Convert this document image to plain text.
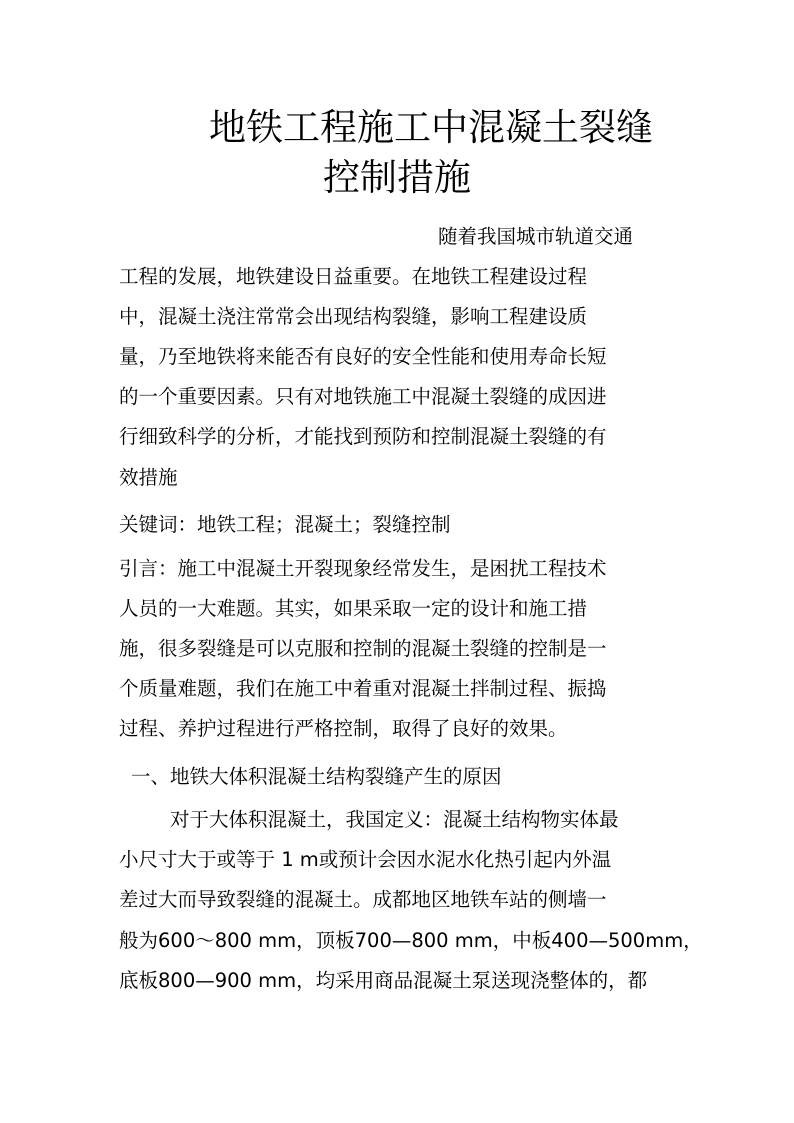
地铁工程施工中混凝土裂缝
控制措施
随着我国城市轨道交通
工程的发展，地铁建设日益重要。在地铁工程建设过程
中，混凝土浇注常常会出现结构裂缝，影响工程建设质
量，乃至地铁将来能否有良好的安全性能和使用寿命长短
的一个重要因素。只有对地铁施工中混凝土裂缝的成因进
行细致科学的分析，才能找到预防和控制混凝土裂缝的有
效措施
关键词：地铁工程；混凝土；裂缝控制
引言：施工中混凝土开裂现象经常发生，是困扰工程技术
人员的一大难题。其实，如果采取一定的设计和施工措
施，很多裂缝是可以克服和控制的混凝土裂缝的控制是一
个质量难题，我们在施工中着重对混凝土拌制过程、振捣
过程、养护过程进行严格控制，取得了良好的效果。
一、地铁大体积混凝土结构裂缝产生的原因
对于大体积混凝土，我国定义：混凝土结构物实体最
小尺寸大于或等于 1 m或预计会因水泥水化热引起内外温
差过大而导致裂缝的混凝土。成都地区地铁车站的侧墙一
般为600～800 mm，顶板700—800 mm，中板400—500mm，
底板800—900 mm，均采用商品混凝土泵送现浇整体的，都
